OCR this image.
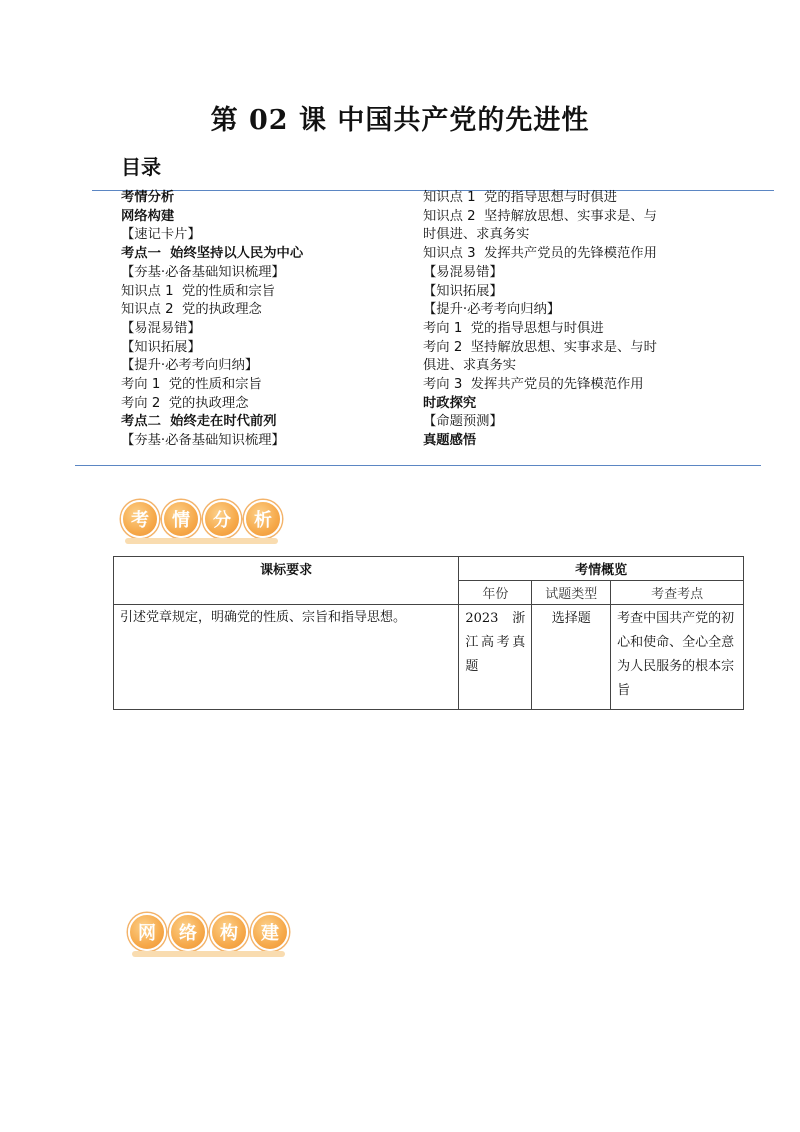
第 02 课 中国共产党的先进性
目录

考情分析

网络构建

【速记卡片】

考点一  始终坚持以人民为中心

【夯基·必备基础知识梳理】

知识点 1  党的性质和宗旨

知识点 2  党的执政理念

【易混易错】

【知识拓展】

【提升·必考考向归纳】

考向 1  党的性质和宗旨

考向 2  党的执政理念

考点二  始终走在时代前列

【夯基·必备基础知识梳理】

知识点 1  党的指导思想与时俱进

知识点 2  坚持解放思想、实事求是、与

时俱进、求真务实

知识点 3  发挥共产党员的先锋模范作用

【易混易错】

【知识拓展】

【提升·必考考向归纳】

考向 1  党的指导思想与时俱进

考向 2  坚持解放思想、实事求是、与时

俱进、求真务实

考向 3  发挥共产党员的先锋模范作用

时政探究

【命题预测】

真题感悟

考	情	分	析
课标要求	考情概览		
	年份	试题类型	考查考点
引述党章规定，明确党的性质、宗旨和指导思想。	2023 浙江高考真题	选择题	考查中国共产党的初心和使命、全心全意为人民服务的根本宗旨
网	络	构	建
